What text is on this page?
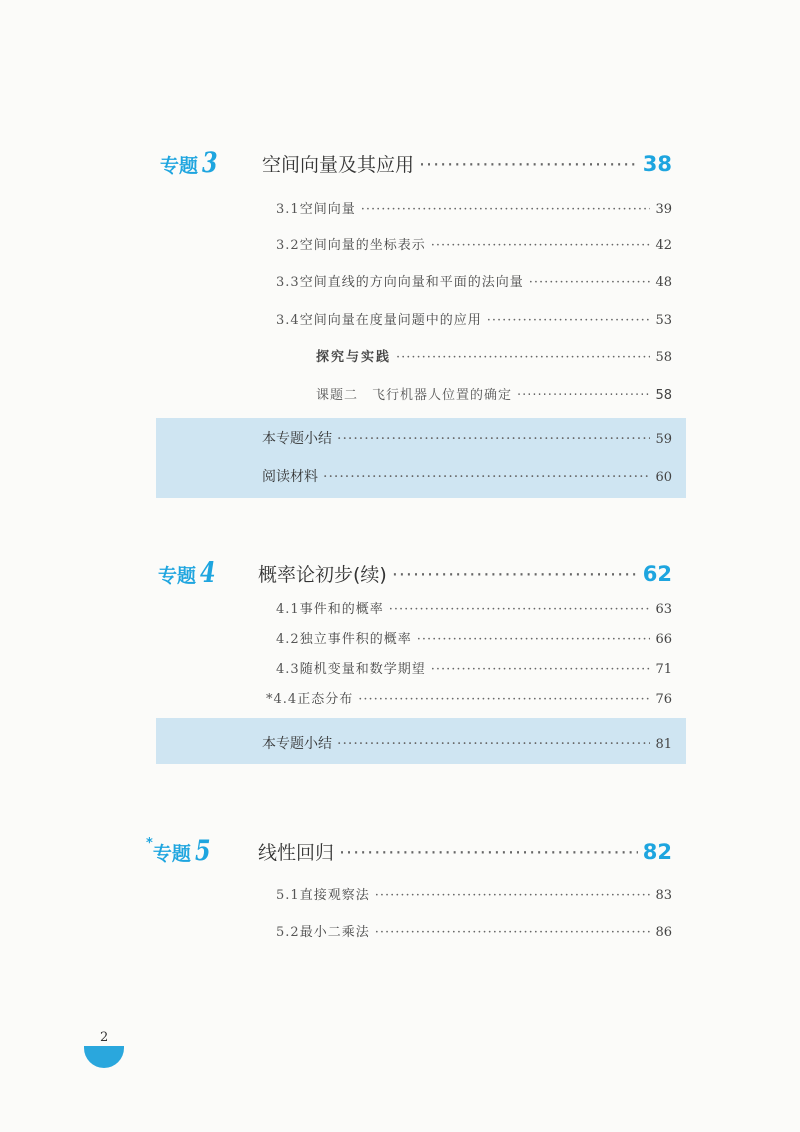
专题 3 空间向量及其应用 ·····	38
3.1 空间向量 ·····	39
3.2 空间向量的坐标表示 ·····	42
3.3 空间直线的方向向量和平面的法向量 ·····	48
3.4 空间向量在度量问题中的应用 ·····	53
探究与实践 ·····	58
课题二　飞行机器人位置的确定 ·····	58
本专题小结 ·····	59
阅读材料 ·····	60
专题 4 概率论初步(续) ·····	62
4.1 事件和的概率 ·····	63
4.2 独立事件积的概率 ·····	66
4.3 随机变量和数学期望 ·····	71
*4.4 正态分布 ·····	76
本专题小结 ·····	81
* 专题 5	线性回归 ·····	82
5.1 直接观察法 ·····	83
5.2 最小二乘法 ·····	86
2
